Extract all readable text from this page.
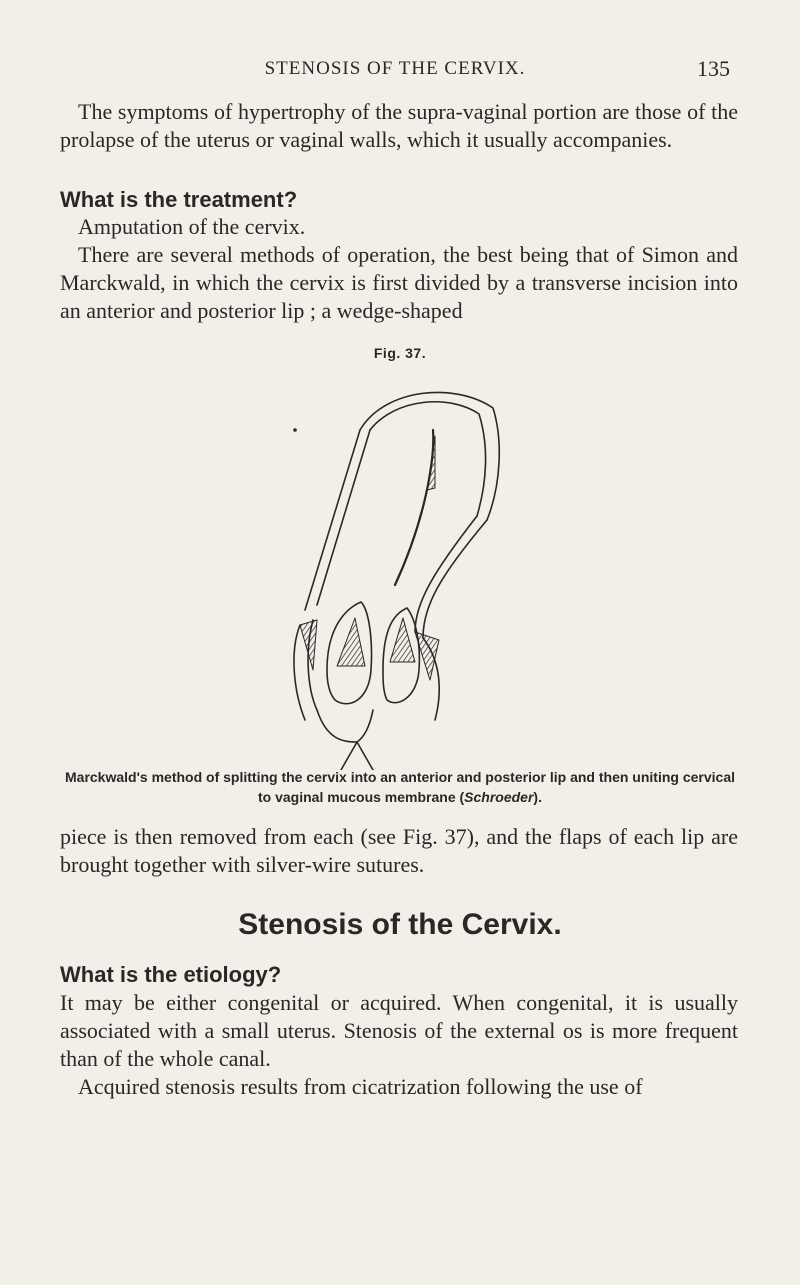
STENOSIS OF THE CERVIX.	135

The symptoms of hypertrophy of the supra-vaginal portion are those of the prolapse of the uterus or vaginal walls, which it usually accompanies.

What is the treatment?

Amputation of the cervix.

There are several methods of operation, the best being that of Simon and Marckwald, in which the cervix is first divided by a transverse incision into an anterior and posterior lip ; a wedge-shaped

Fig. 37.

Marckwald's method of splitting the cervix into an anterior and posterior lip and then uniting cervical to vaginal mucous membrane (Schroeder).

piece is then removed from each (see Fig. 37), and the flaps of each lip are brought together with silver-wire sutures.

Stenosis of the Cervix.

What is the etiology?

It may be either congenital or acquired. When congenital, it is usually associated with a small uterus. Stenosis of the external os is more frequent than of the whole canal.

Acquired stenosis results from cicatrization following the use of
